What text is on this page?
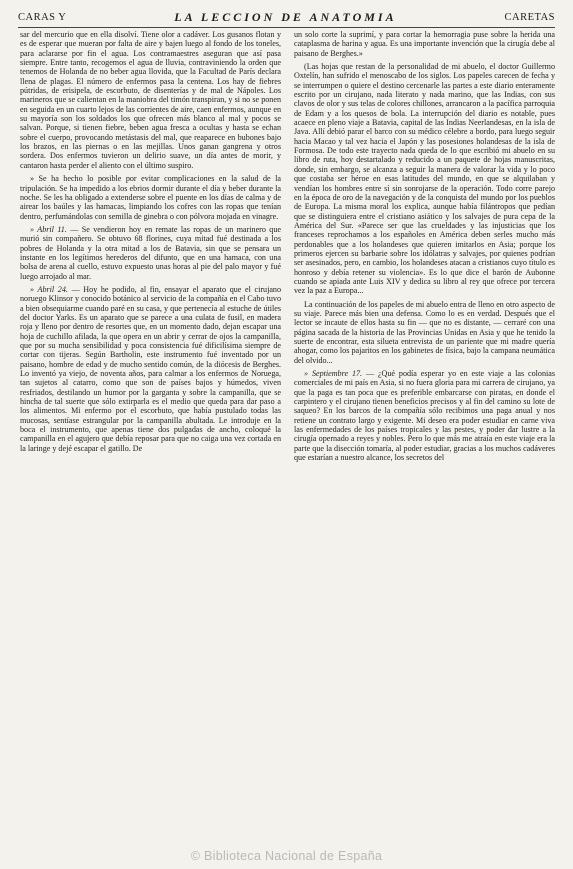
CARAS Y	LA LECCION DE ANATOMIA	CARETAS

sar del mercurio que en ella disolví. Tiene olor a cadáver. Los gusanos flotan y es de esperar que mueran por falta de aire y bajen luego al fondo de los toneles, para aclararse por fin el agua. Los contramaestres aseguran que así pasa siempre. Entre tanto, recogemos el agua de lluvia, contraviniendo la orden que tenemos de Holanda de no beber agua llovida, que la Facultad de París declara llena de plagas. El número de enfermos pasa la centena. Los hay de fiebres pútridas, de erisipela, de escorbuto, de disenterías y de mal de Nápoles. Los marineros que se calientan en la maniobra del timón transpiran, y si no se ponen en seguida en un cuarto lejos de las corrientes de aire, caen enfermos, aunque en su mayoría son los soldados los que ofrecen más blanco al mal y pocos se salvan. Porque, si tienen fiebre, beben agua fresca a ocultas y hasta se echan sobre el cuerpo, provocando metástasis del mal, que reaparece en bubones bajo los brazos, en las piernas o en las mejillas. Unos ganan gangrena y otros sordera. Dos enfermos tuvieron un delirio suave, un día antes de morir, y cantaron hasta perder el aliento con el último suspiro.

» Se ha hecho lo posible por evitar complicaciones en la salud de la tripulación. Se ha impedido a los ebrios dormir durante el día y beber durante la noche. Se les ha obligado a extenderse sobre el puente en los días de calma y de airear los baúles y las hamacas, limpiando los cofres con las ropas que tenían dentro, perfumándolas con semilla de ginebra o con pólvora mojada en vinagre.

» Abril 11. — Se vendieron hoy en remate las ropas de un marinero que murió sin compañero. Se obtuvo 68 florines, cuya mitad fué destinada a los pobres de Holanda y la otra mitad a los de Batavia, sin que se pensara un instante en los legítimos herederos del difunto, que en una hamaca, con una bolsa de arena al cuello, estuvo expuesto unas horas al pie del palo mayor y fué luego arrojado al mar.

» Abril 24. — Hoy he podido, al fin, ensayar el aparato que el cirujano noruego Klinsor y conocido botánico al servicio de la compañía en el Cabo tuvo a bien obsequiarme cuando paré en su casa, y que pertenecía al estuche de útiles del doctor Yarks. Es un aparato que se parece a una culata de fusil, en madera roja y lleno por dentro de resortes que, en un momento dado, dejan escapar una hoja de cuchillo afilada, la que opera en un abrir y cerrar de ojos la campanilla, que por su mucha sensibilidad y poca consistencia fué dificilísima siempre de cortar con tijeras. Según Bartholin, este instrumento fué inventado por un paisano, hombre de edad y de mucho sentido común, de la diócesis de Berghes. Lo inventó ya viejo, de noventa años, para calmar a los enfermos de Noruega, tan sujetos al catarro, como que son de países bajos y húmedos, viven resfriados, destilando un humor por la garganta y sobre la campanilla, que se hincha de tal suerte que sólo extirparla es el medio que queda para dar paso a los alimentos. Mi enfermo por el escorbuto, que había pustulado todas las mucosas, sentíase estrangular por la campanilla abultada. Le introduje en la boca el instrumento, que apenas tiene dos pulgadas de ancho, coloqué la campanilla en el agujero que debía reposar para que no caiga una vez cortada en la laringe y dejé escapar el gatillo. De

un solo corte la suprimí, y para cortar la hemorragia puse sobre la herida una cataplasma de harina y agua. Es una importante invención que la cirugía debe al paisano de Berghes.»

(Las hojas que restan de la personalidad de mi abuelo, el doctor Guillermo Oxtelín, han sufrido el menoscabo de los siglos. Los papeles carecen de fecha y se interrumpen o quiere el destino cercenarle las partes a este diario enteramente escrito por un cirujano, nada literato y nada marino, que las Indias, con sus clavos de olor y sus telas de colores chillones, arrancaron a la pacífica parroquia de Edam y a los quesos de bola. La interrupción del diario es notable, pues acaece en pleno viaje a Batavia, capital de las Indias Neerlandesas, en la isla de Java. Allí debió parar el barco con su médico célebre a bordo, para luego seguir hacia Macao y tal vez hacia el Japón y las posesiones holandesas de la isla de Formosa. De todo este trayecto nada queda de lo que escribió mi abuelo en su libro de ruta, hoy destartalado y reducido a un paquete de hojas manuscritas, donde, sin embargo, se alcanza a seguir la manera de valorar la vida y lo poco que costaba ser héroe en esas latitudes del mundo, en que se alquilaban y vendían los hombres entre sí sin sonrojarse de la operación. Todo corre parejo en la época de oro de la navegación y de la conquista del mundo por los pueblos de Europa. La misma moral los explica, aunque había filántropos que pedían que se distinguiera entre el cristiano asiático y los salvajes de pura cepa de la América del Sur. «Parece ser que las crueldades y las injusticias que los franceses reprochamos a los españoles en América deben serles mucho más perdonables que a los holandeses que quieren imitarlos en Asia; porque los primeros ejercen su barbarie sobre los idólatras y salvajes, por quienes podrían ser asesinados, pero, en cambio, los holandeses atacan a cristianos cuyo título es honroso y debía retener su violencia». Es lo que dice el barón de Aubonne cuando se apiada ante Luis XIV y dedica su libro al rey que ofrece por tercera vez la paz a Europa...

La continuación de los papeles de mi abuelo entra de lleno en otro aspecto de su viaje. Parece más bien una defensa. Como lo es en verdad. Después que el lector se incaute de ellos hasta su fin — que no es distante, — cerraré con una página sacada de la historia de las Provincias Unidas en Asia y que he tenido la suerte de encontrar, esta silueta entrevista de un pariente que mi madre quería ahogar, como los pajaritos en los gabinetes de física, bajo la campana neumática del olvido...

» Septiembre 17. — ¿Qué podía esperar yo en este viaje a las colonias comerciales de mi país en Asia, si no fuera gloria para mi carrera de cirujano, ya que la paga es tan poca que es preferible embarcarse con piratas, en donde el carpintero y el cirujano tienen beneficios precisos y al fin del camino su lote de saqueo? En los barcos de la compañía sólo recibimos una paga anual y nos retiene un contrato largo y exigente. Mi deseo era poder estudiar en carne viva las enfermedades de los países tropicales y las pestes, y poder dar lustre a la cirugía opernado a reyes y nobles. Pero lo que más me atraía en este viaje era la parte que la disección tomaría, al poder estudiar, gracias a los muchos cadáveres que estarían a nuestro alcance, los secretos del

© Biblioteca Nacional de España
